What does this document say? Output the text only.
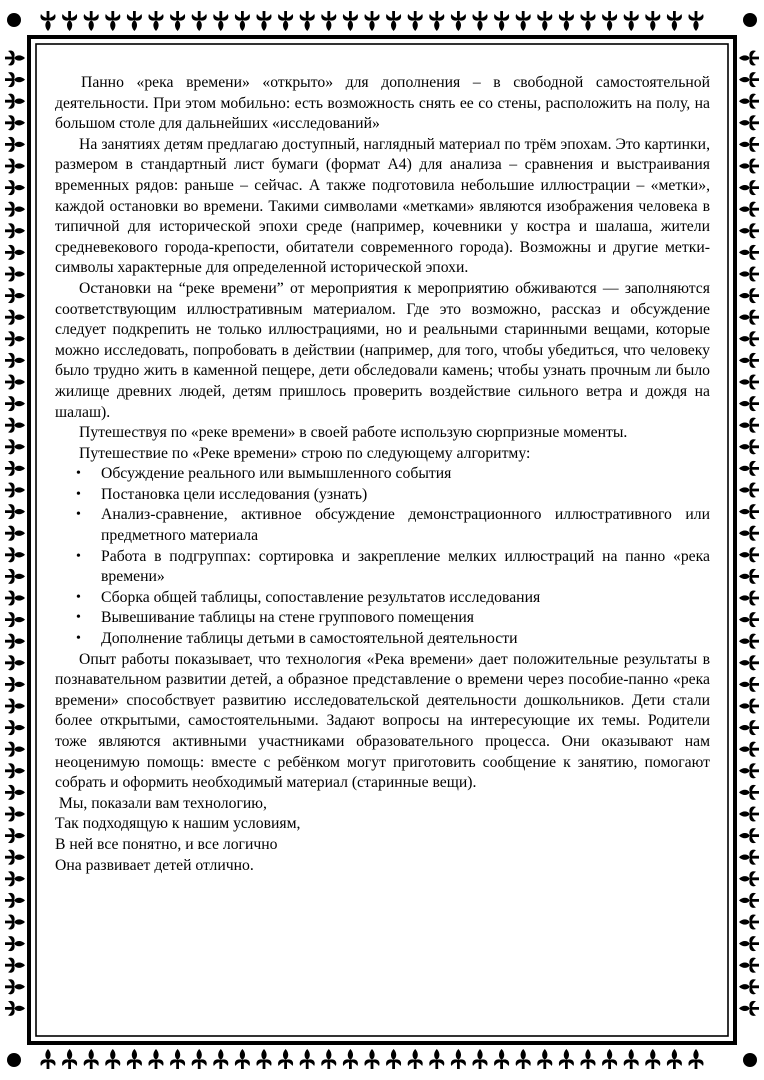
Панно «река времени» «открыто» для дополнения – в свободной самостоятельной деятельности. При этом мобильно: есть возможность снять ее со стены, расположить на полу, на большом столе для дальнейших «исследований»

На занятиях детям предлагаю доступный, наглядный материал по трём эпохам. Это картинки, размером в стандартный лист бумаги (формат А4) для анализа – сравнения и выстраивания временных рядов: раньше – сейчас. А также подготовила небольшие иллюстрации – «метки», каждой остановки во времени. Такими символами «метками» являются изображения человека в типичной для исторической эпохи среде (например, кочевники у костра и шалаша, жители средневекового города-крепости, обитатели современного города). Возможны и другие метки-символы характерные для определенной исторической эпохи.

Остановки на “реке времени” от мероприятия к мероприятию обживаются — заполняются соответствующим иллюстративным материалом. Где это возможно, рассказ и обсуждение следует подкрепить не только иллюстрациями, но и реальными старинными вещами, которые можно исследовать, попробовать в действии (например, для того, чтобы убедиться, что человеку было трудно жить в каменной пещере, дети обследовали камень; чтобы узнать прочным ли было жилище древних людей, детям пришлось проверить воздействие сильного ветра и дождя на шалаш).

Путешествуя по «реке времени» в своей работе использую сюрпризные моменты.

Путешествие по «Реке времени» строю по следующему алгоритму:

• Обсуждение реального или вымышленного события
• Постановка цели исследования (узнать)
• Анализ-сравнение, активное обсуждение демонстрационного иллюстративного или предметного материала
• Работа в подгруппах: сортировка и закрепление мелких иллюстраций на панно «река времени»
• Сборка общей таблицы, сопоставление результатов исследования
• Вывешивание таблицы на стене группового помещения
• Дополнение таблицы детьми в самостоятельной деятельности

Опыт работы показывает, что технология «Река времени» дает положительные результаты в познавательном развитии детей, а образное представление о времени через пособие-панно «река времени» способствует развитию исследовательской деятельности дошкольников. Дети стали более открытыми, самостоятельными. Задают вопросы на интересующие их темы. Родители тоже являются активными участниками образовательного процесса. Они оказывают нам неоценимую помощь: вместе с ребёнком могут приготовить сообщение к занятию, помогают собрать и оформить необходимый материал (старинные вещи).

Мы, показали вам технологию,
Так подходящую к нашим условиям,
В ней все понятно, и все логично
Она развивает детей отлично.
